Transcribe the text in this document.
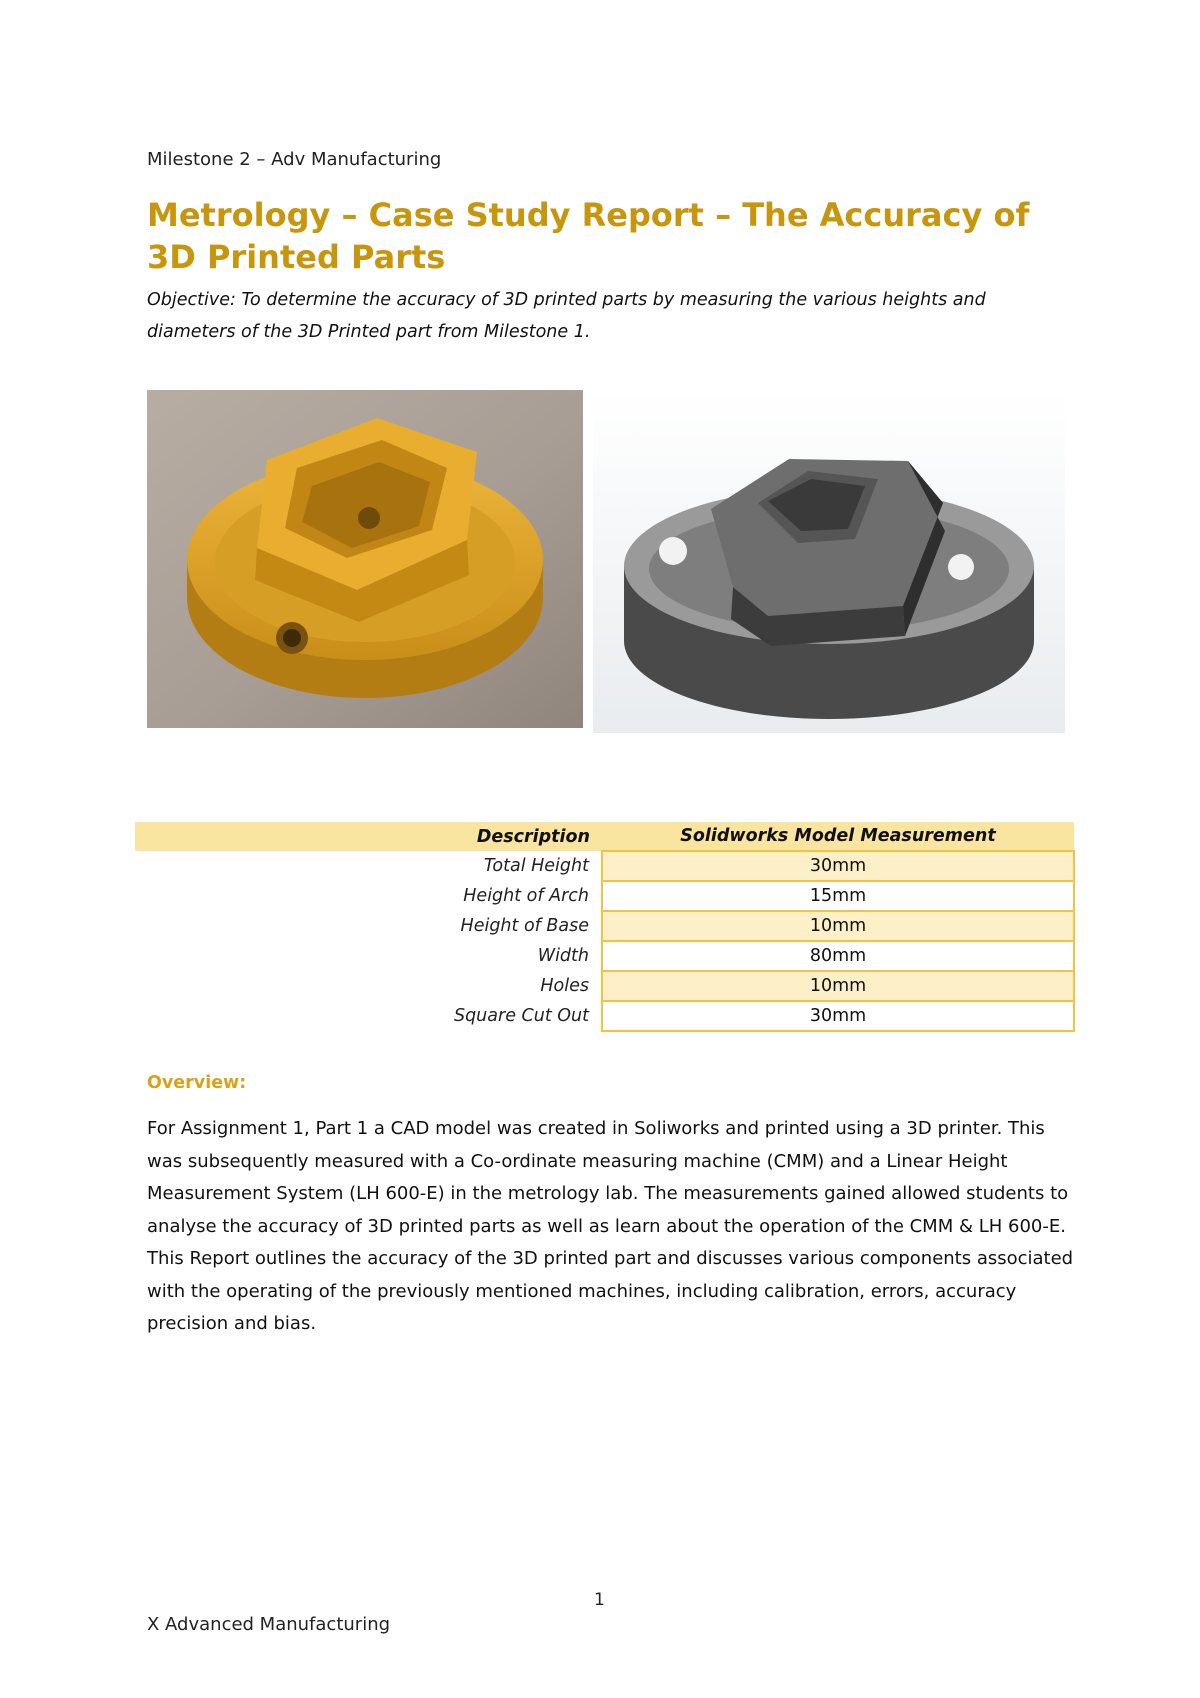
Milestone 2 – Adv Manufacturing
Metrology – Case Study Report – The Accuracy of 3D Printed Parts
Objective: To determine the accuracy of 3D printed parts by measuring the various heights and diameters of the 3D Printed part from Milestone 1.
Description	Solidworks Model Measurement
Total Height	30mm
Height of Arch	15mm
Height of Base	10mm
Width	80mm
Holes	10mm
Square Cut Out	30mm
Overview:

For Assignment 1, Part 1 a CAD model was created in Soliworks and printed using a 3D printer. This was subsequently measured with a Co-ordinate measuring machine (CMM) and a Linear Height Measurement System (LH 600-E) in the metrology lab. The measurements gained allowed students to analyse the accuracy of 3D printed parts as well as learn about the operation of the CMM & LH 600-E. This Report outlines the accuracy of the 3D printed part and discusses various components associated with the operating of the previously mentioned machines, including calibration, errors, accuracy precision and bias.

1
X Advanced Manufacturing
